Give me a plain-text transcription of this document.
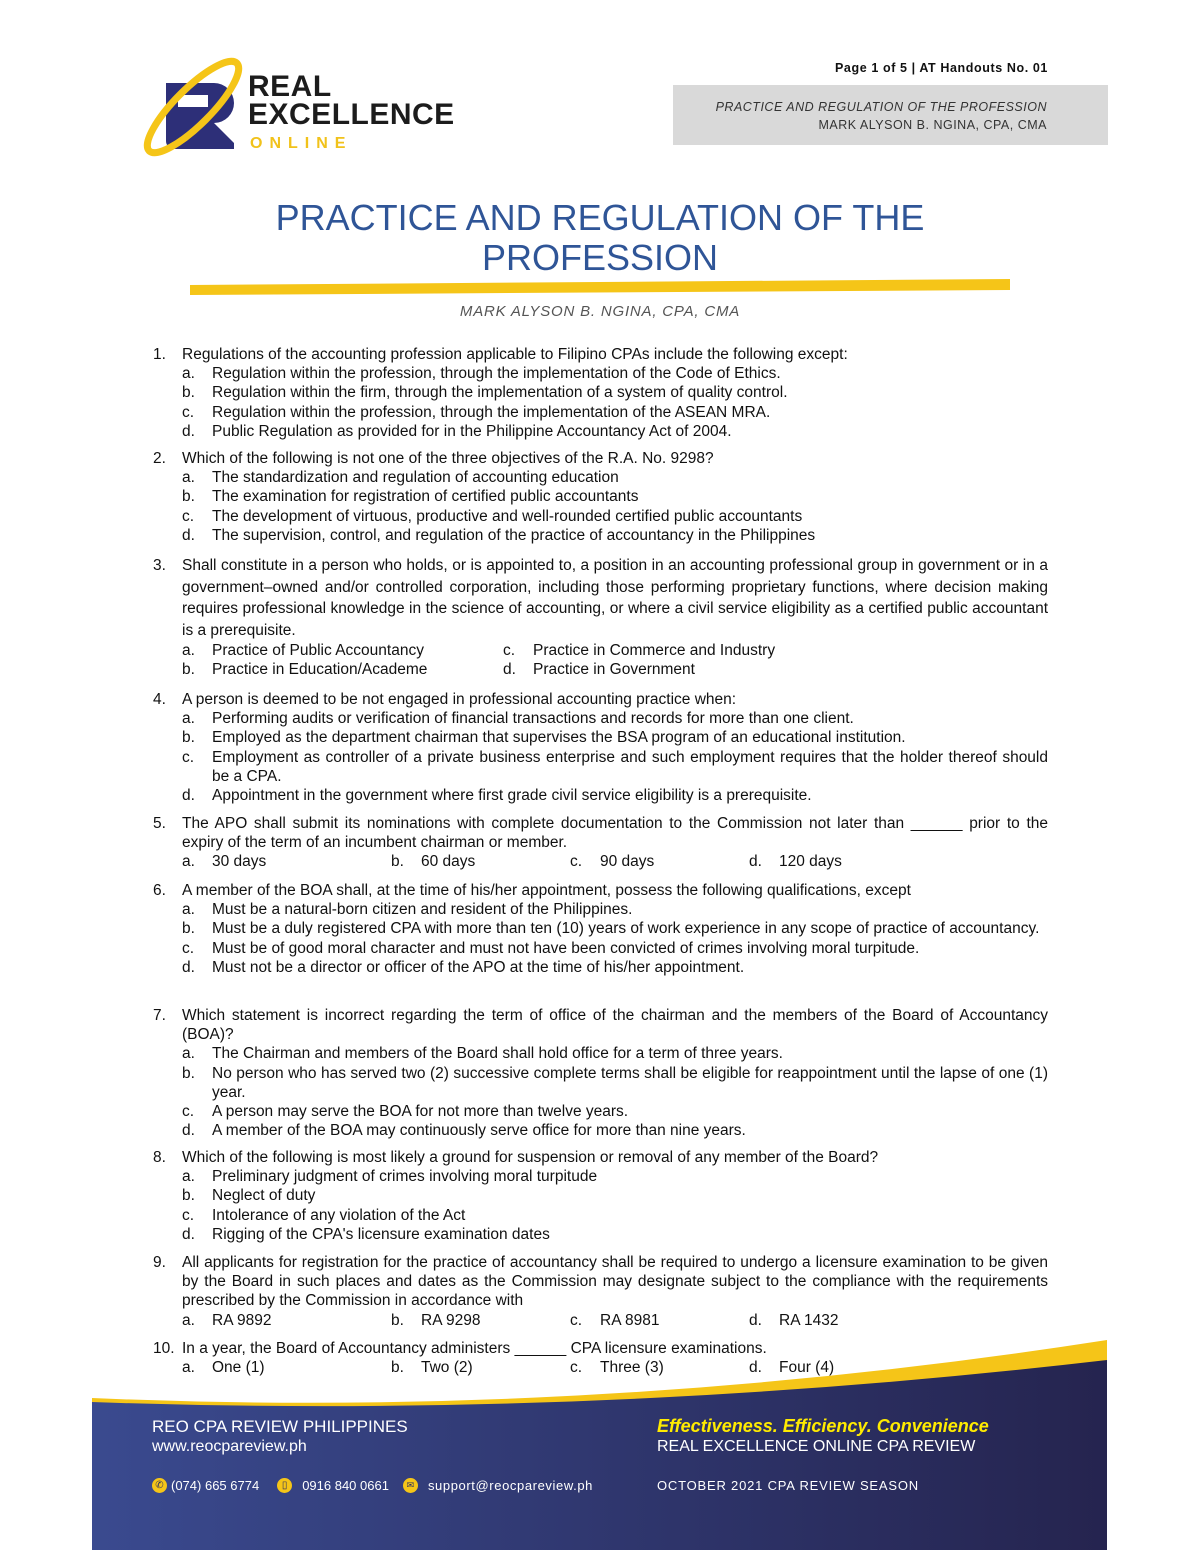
REAL
EXCELLENCE
ONLINE
Page 1 of 5 | AT Handouts No. 01
PRACTICE AND REGULATION OF THE PROFESSION
MARK ALYSON B. NGINA, CPA, CMA
PRACTICE AND REGULATION OF THE
PROFESSION
MARK ALYSON B. NGINA, CPA, CMA
1. Regulations of the accounting profession applicable to Filipino CPAs include the following except:
a.	Regulation within the profession, through the implementation of the Code of Ethics.
b.	Regulation within the firm, through the implementation of a system of quality control.
c.	Regulation within the profession, through the implementation of the ASEAN MRA.
d.	Public Regulation as provided for in the Philippine Accountancy Act of 2004.
2. Which of the following is not one of the three objectives of the R.A. No. 9298?
a.	The standardization and regulation of accounting education
b.	The examination for registration of certified public accountants
c.	The development of virtuous, productive and well-rounded certified public accountants
d.	The supervision, control, and regulation of the practice of accountancy in the Philippines
3. Shall constitute in a person who holds, or is appointed to, a position in an accounting professional group in government or in a government–owned and/or controlled corporation, including those performing proprietary functions, where decision making requires professional knowledge in the science of accounting, or where a civil service eligibility as a certified public accountant is a prerequisite.
a.	Practice of Public Accountancy	c.	Practice in Commerce and Industry
b.	Practice in Education/Academe	d.	Practice in Government
4. A person is deemed to be not engaged in professional accounting practice when:
a.	Performing audits or verification of financial transactions and records for more than one client.
b.	Employed as the department chairman that supervises the BSA program of an educational institution.
c.	Employment as controller of a private business enterprise and such employment requires that the holder thereof should be a CPA.
d.	Appointment in the government where first grade civil service eligibility is a prerequisite.
5. The APO shall submit its nominations with complete documentation to the Commission not later than ______ prior to the expiry of the term of an incumbent chairman or member.
a.	30 days	b.	60 days	c.	90 days	d.	120 days
6. A member of the BOA shall, at the time of his/her appointment, possess the following qualifications, except
a.	Must be a natural-born citizen and resident of the Philippines.
b.	Must be a duly registered CPA with more than ten (10) years of work experience in any scope of practice of accountancy.
c.	Must be of good moral character and must not have been convicted of crimes involving moral turpitude.
d.	Must not be a director or officer of the APO at the time of his/her appointment.
7. Which statement is incorrect regarding the term of office of the chairman and the members of the Board of Accountancy (BOA)?
a.	The Chairman and members of the Board shall hold office for a term of three years.
b.	No person who has served two (2) successive complete terms shall be eligible for reappointment until the lapse of one (1) year.
c.	A person may serve the BOA for not more than twelve years.
d.	A member of the BOA may continuously serve office for more than nine years.
8. Which of the following is most likely a ground for suspension or removal of any member of the Board?
a.	Preliminary judgment of crimes involving moral turpitude
b.	Neglect of duty
c.	Intolerance of any violation of the Act
d.	Rigging of the CPA's licensure examination dates
9. All applicants for registration for the practice of accountancy shall be required to undergo a licensure examination to be given by the Board in such places and dates as the Commission may designate subject to the compliance with the requirements prescribed by the Commission in accordance with
a.	RA 9892	b.	RA 9298	c.	RA 8981	d.	RA 1432
10. In a year, the Board of Accountancy administers ______ CPA licensure examinations.
a.	One (1)	b.	Two (2)	c.	Three (3)	d.	Four (4)
REO CPA REVIEW PHILIPPINES
www.reocpareview.ph
Effectiveness. Efficiency. Convenience
REAL EXCELLENCE ONLINE CPA REVIEW
✆ (074) 665 6774	▯	0916 840 0661	✉ support@reocpareview.ph	OCTOBER 2021 CPA REVIEW SEASON
